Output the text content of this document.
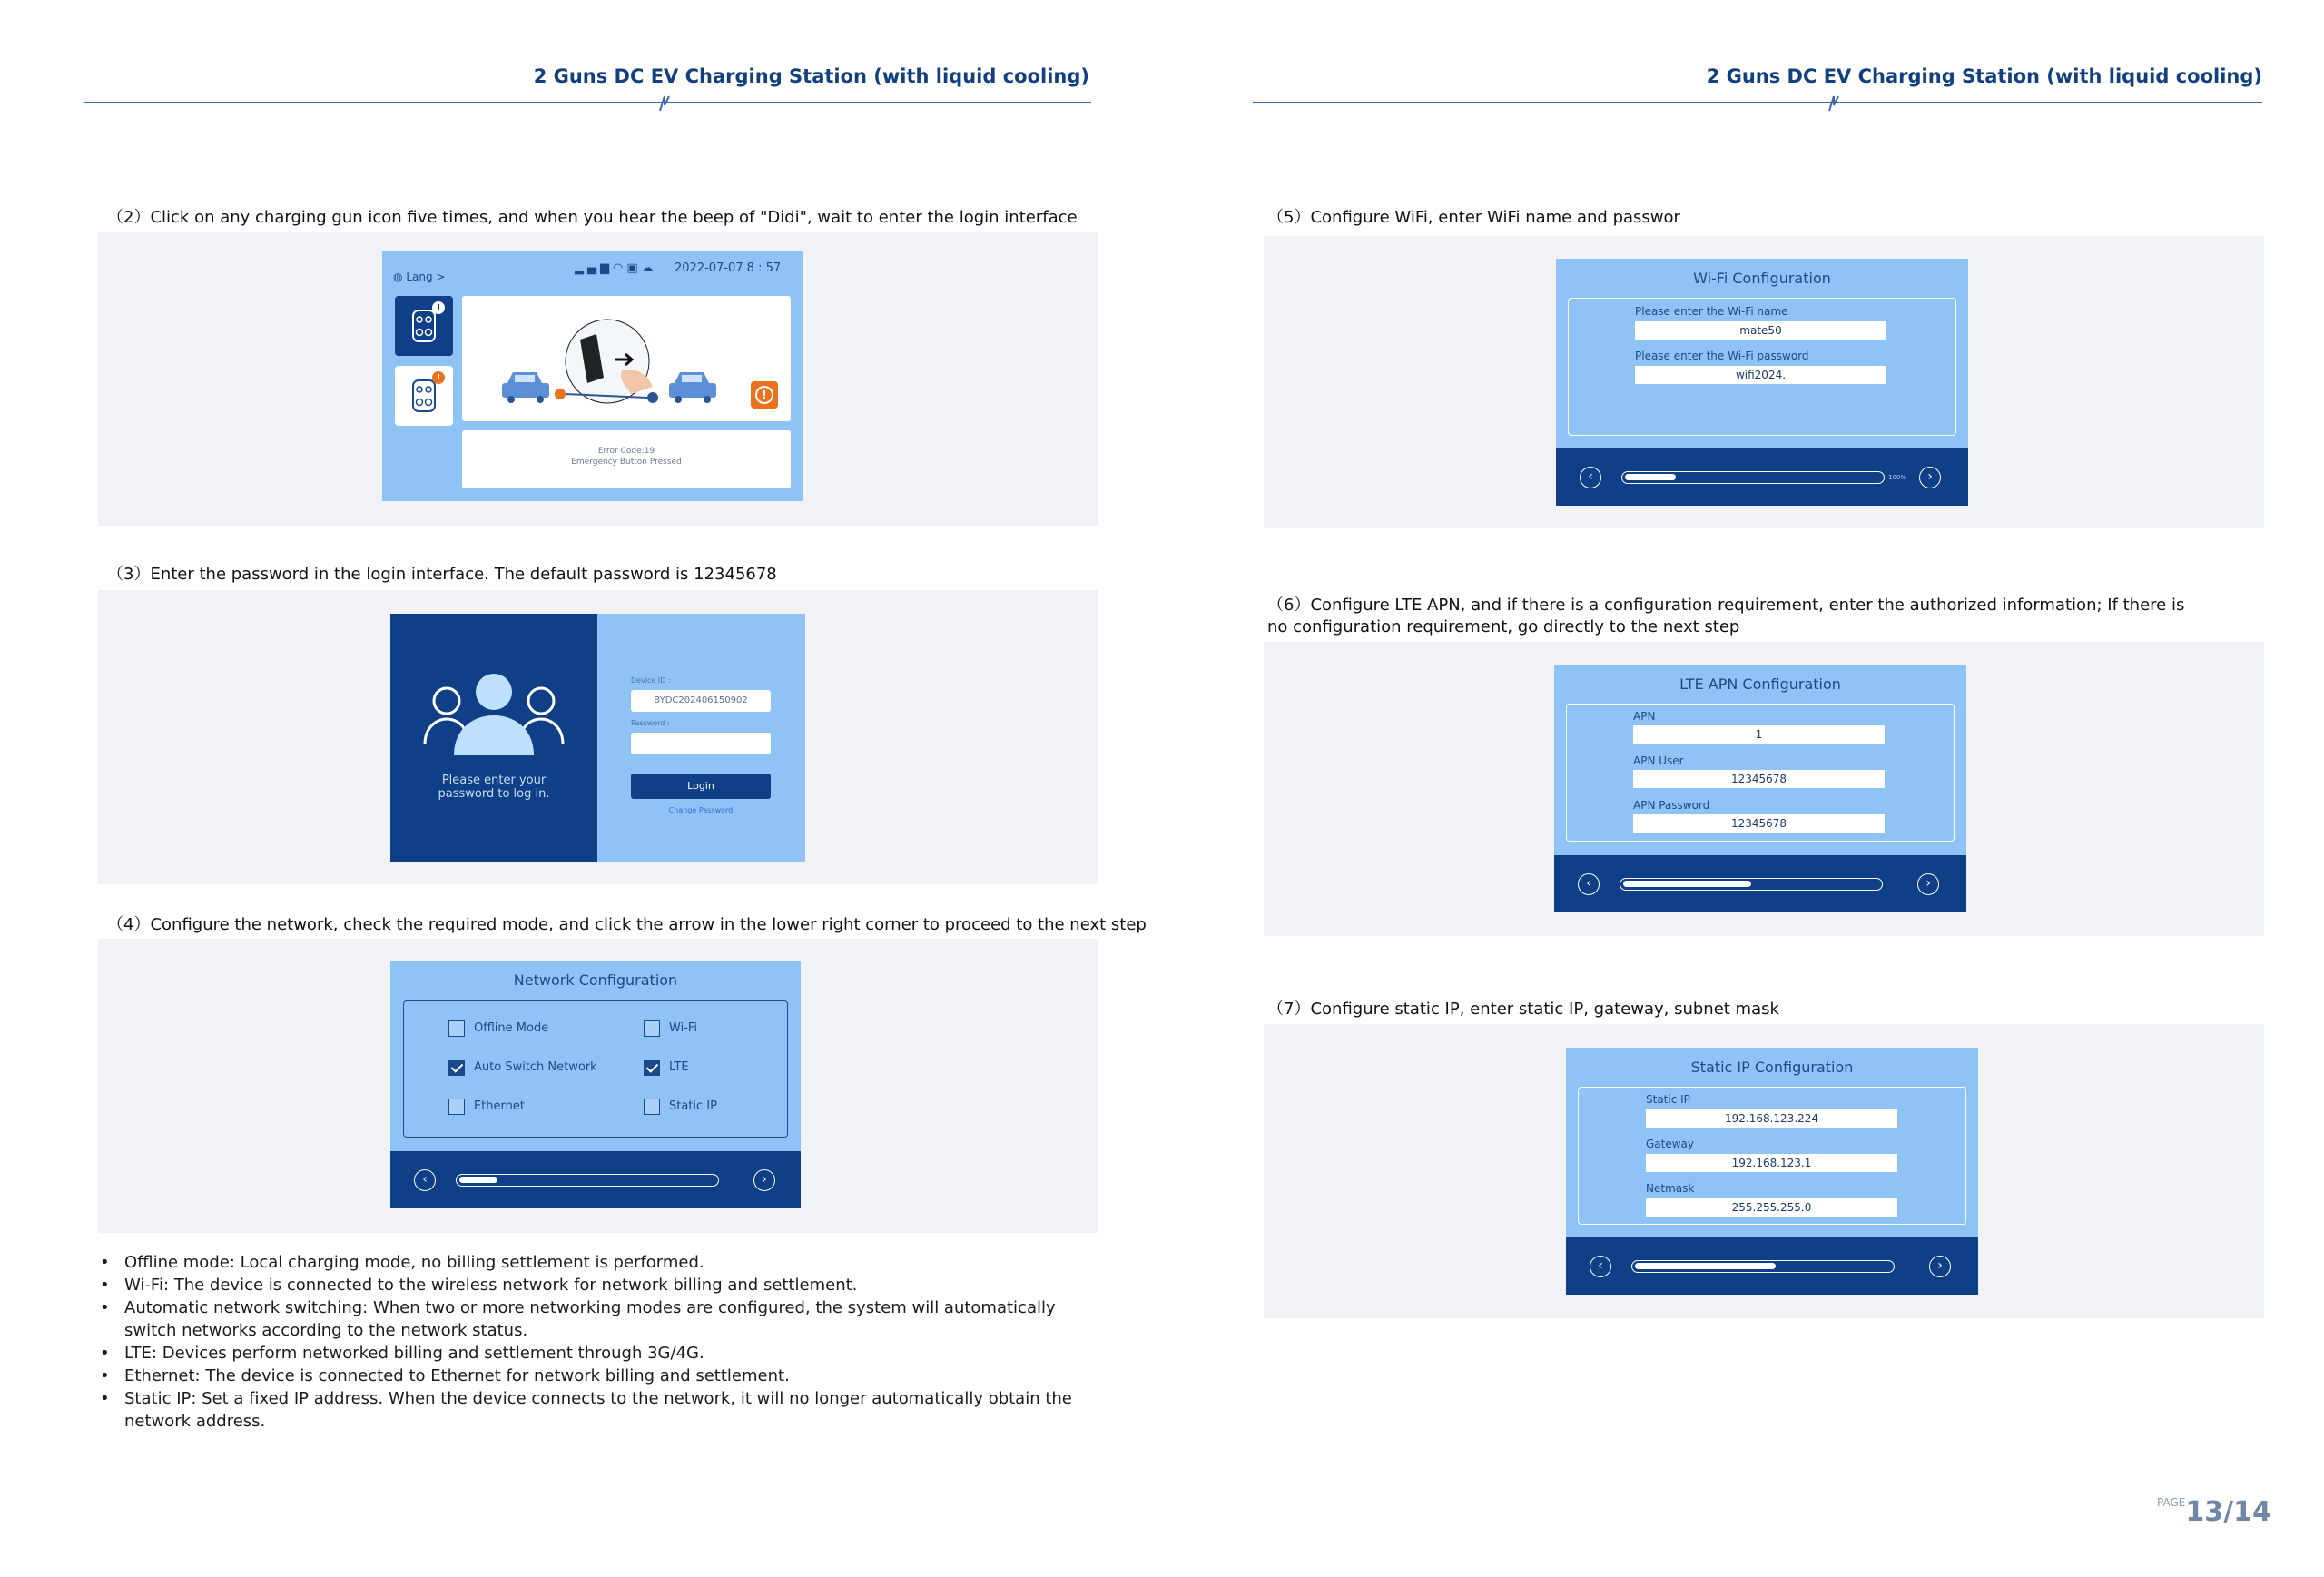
2 Guns DC EV Charging Station (with liquid cooling)	2 Guns DC EV Charging Station (with liquid cooling)
（2）Click on any charging gun icon five times, and when you hear the beep of "Didi", wait to enter the login interface
◍ Lang >
▂▄▆◠▣☁ 2022-07-07 8 : 57
!
Error Code:19
Emergency Button Pressed
（3）Enter the password in the login interface. The default password is 12345678
Please enter your password to log in.
Device ID :
BYDC202406150902
Password :
Login
Change Password
（4）Configure the network, check the required mode, and click the arrow in the lower right corner to proceed to the next step
Network Configuration
Offline Mode	Wi-Fi
Auto Switch Network	LTE
Ethernet	Static IP
‹	›
• Offline mode: Local charging mode, no billing settlement is performed.
• Wi-Fi: The device is connected to the wireless network for network billing and settlement.
• Automatic network switching: When two or more networking modes are configured, the system will automatically switch networks according to the network status.
• LTE: Devices perform networked billing and settlement through 3G/4G.
• Ethernet: The device is connected to Ethernet for network billing and settlement.
• Static IP: Set a fixed IP address. When the device connects to the network, it will no longer automatically obtain the network address.
（5）Configure WiFi, enter WiFi name and passwor
Wi-Fi Configuration
Please enter the Wi-Fi name
mate50
Please enter the Wi-Fi password
wifi2024.
‹	100%	›
（6）Configure LTE APN, and if there is a configuration requirement, enter the authorized information; If there is no configuration requirement, go directly to the next step
LTE APN Configuration
APN
1
APN User
12345678
APN Password
12345678
‹	›
（7）Configure static IP, enter static IP, gateway, subnet mask
Static IP Configuration
Static IP
192.168.123.224
Gateway
192.168.123.1
Netmask
255.255.255.0
‹	›
$^{PAGE}$13/14
